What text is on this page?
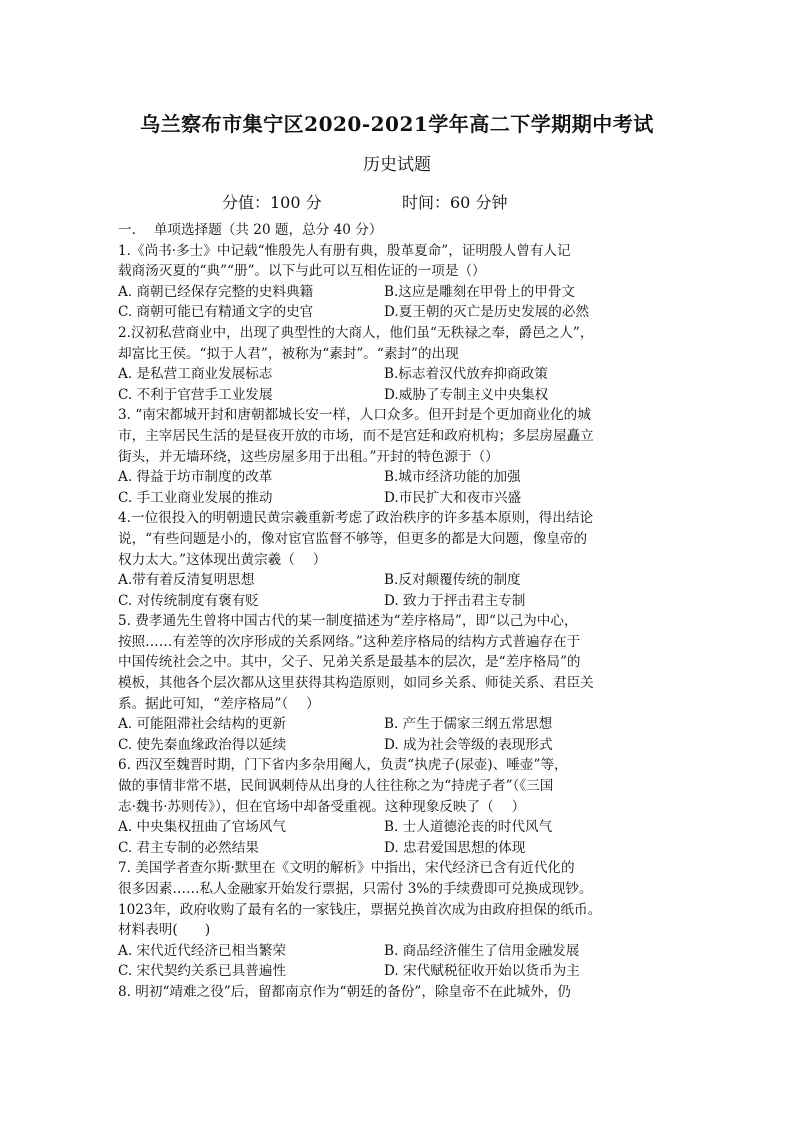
乌兰察布市集宁区2020-2021学年高二下学期期中考试
历史试题
分值：100 分	时间：60 分钟
一.　 单项选择题（共 20 题，总分 40 分）
1.《尚书·多士》中记载“惟殷先人有册有典，殷革夏命”，证明殷人曾有人记
载商汤灭夏的“典”“册”。以下与此可以互相佐证的一项是（）
A. 商朝已经保存完整的史料典籍	B.这应是雕刻在甲骨上的甲骨文
C. 商朝可能已有精通文字的史官	D.夏王朝的灭亡是历史发展的必然
2.汉初私营商业中，出现了典型性的大商人，他们虽“无秩禄之奉，爵邑之人”，
却富比王侯。“拟于人君”，被称为“素封”。“素封”的出现
A. 是私营工商业发展标志	B.标志着汉代放弃抑商政策
C. 不利于官营手工业发展	D.威胁了专制主义中央集权
3. “南宋都城开封和唐朝都城长安一样，人口众多。但开封是个更加商业化的城
市，主宰居民生活的是昼夜开放的市场，而不是宫廷和政府机构；多层房屋矗立
街头，并无墙环绕，这些房屋多用于出租。”开封的特色源于（）
A. 得益于坊市制度的改革	B.城市经济功能的加强
C. 手工业商业发展的推动	D.市民扩大和夜市兴盛
4.一位很投入的明朝遗民黄宗羲重新考虑了政治秩序的许多基本原则，得出结论
说，“有些问题是小的，像对宦官监督不够等，但更多的都是大问题，像皇帝的
权力太大。”这体现出黄宗羲（　 ）
A.带有着反清复明思想	B.反对颠覆传统的制度
C. 对传统制度有褒有贬	D. 致力于抨击君主专制
5. 费孝通先生曾将中国古代的某一制度描述为“差序格局”，即“以己为中心，
按照……有差等的次序形成的关系网络。”这种差序格局的结构方式普遍存在于
中国传统社会之中。其中，父子、兄弟关系是最基本的层次，是“差序格局”的
模板，其他各个层次都从这里获得其构造原则，如同乡关系、师徒关系、君臣关
系。据此可知，“差序格局”（　 ）
A. 可能阻滞社会结构的更新	B. 产生于儒家三纲五常思想
C. 使先秦血缘政治得以延续	D. 成为社会等级的表现形式
6. 西汉至魏晋时期，门下省内多杂用阉人，负责“执虎子(尿壶)、唾壶”等，
做的事情非常不堪，民间讽刺侍从出身的人往往称之为“持虎子者”（《三国
志·魏书·苏则传》），但在官场中却备受重视。这种现象反映了（　 ）
A. 中央集权扭曲了官场风气	B. 士人道德沦丧的时代风气
C. 君主专制的必然结果	D. 忠君爱国思想的体现
7. 美国学者查尔斯·默里在《文明的解析》中指出，宋代经济已含有近代化的
很多因素……私人金融家开始发行票据，只需付 3%的手续费即可兑换成现钞。
1023年，政府收购了最有名的一家钱庄，票据兑换首次成为由政府担保的纸币。
材料表明(　　)
A. 宋代近代经济已相当繁荣	B. 商品经济催生了信用金融发展
C. 宋代契约关系已具普遍性	D. 宋代赋税征收开始以货币为主
8. 明初“靖难之役”后，留都南京作为“朝廷的备份”，除皇帝不在此城外，仍
